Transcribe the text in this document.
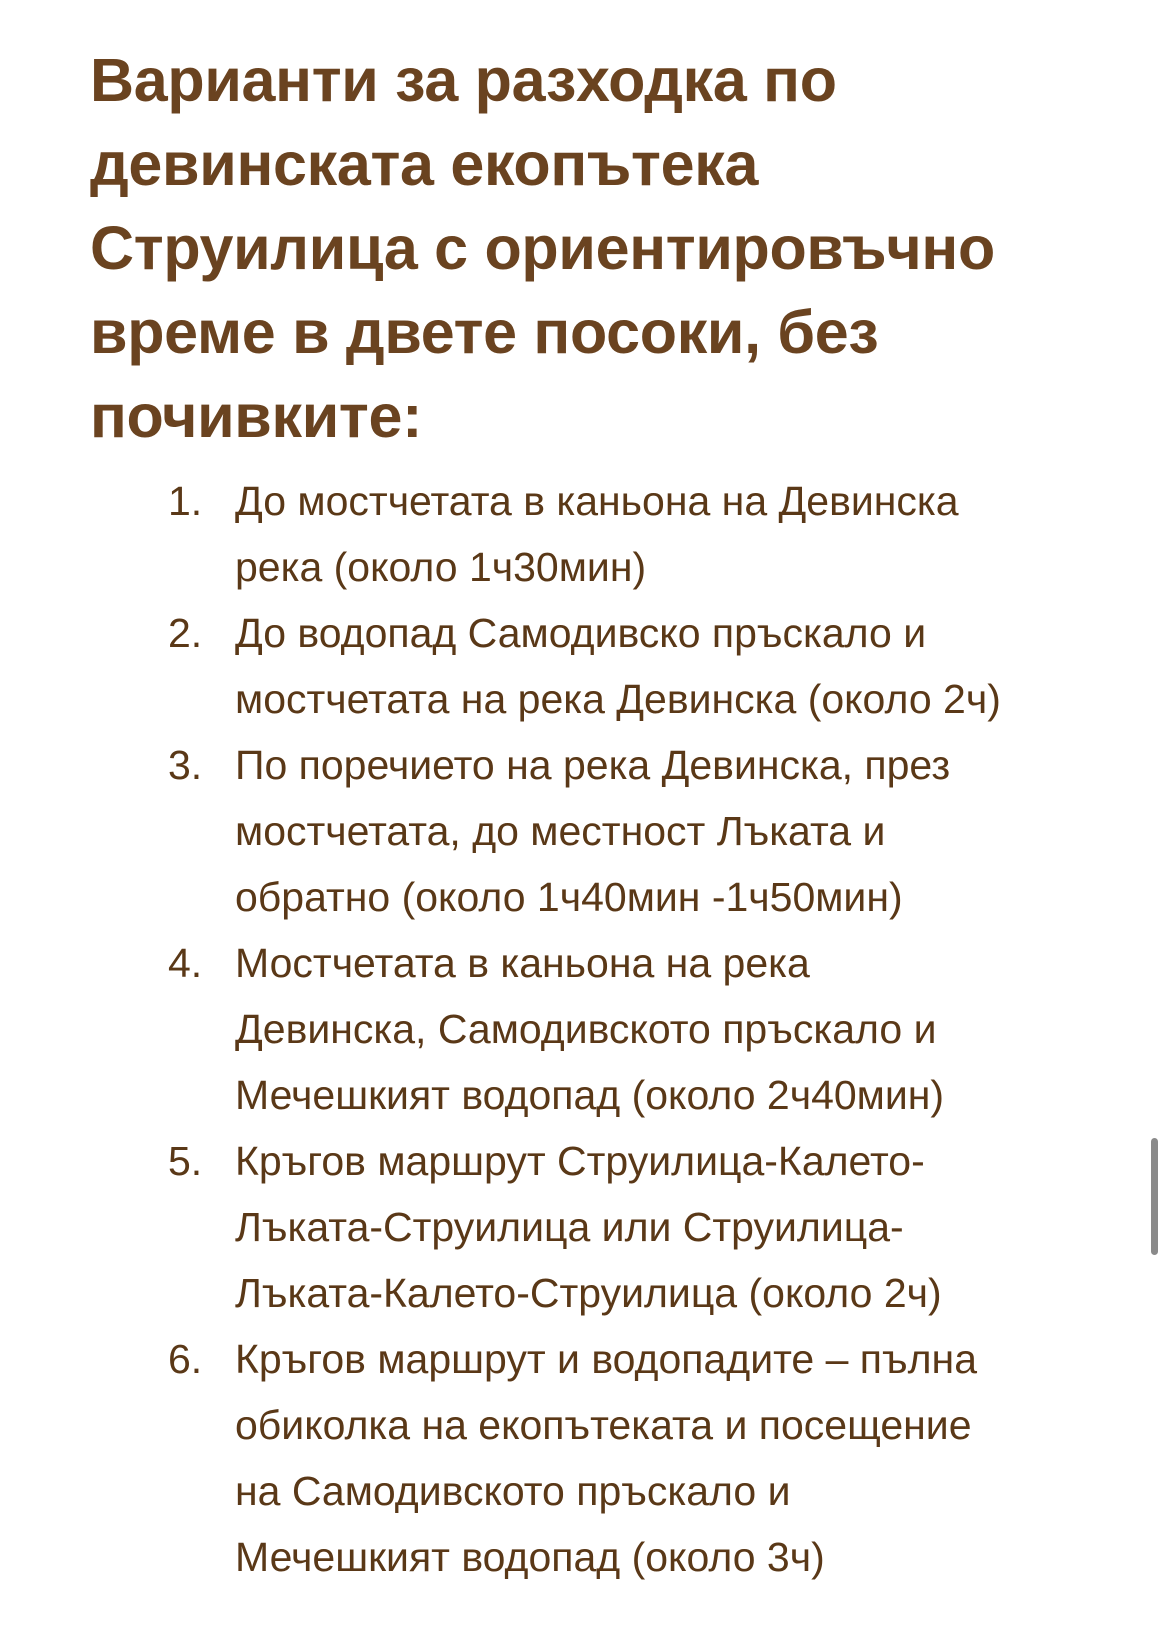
Варианти за разходка по
девинската екопътека
Струилица с ориентировъчно
време в двете посоки, без
почивките:
1. До мостчетата в каньона на Девинска
река (около 1ч30мин)
2. До водопад Самодивско пръскало и
мостчетата на река Девинска (около 2ч)
3. По поречието на река Девинска, през
мостчетата, до местност Лъката и
обратно (около 1ч40мин -1ч50мин)
4. Мостчетата в каньона на река
Девинска, Самодивското пръскало и
Мечешкият водопад (около 2ч40мин)
5. Кръгов маршрут Струилица-Калето-
Лъката-Струилица или Струилица-
Лъката-Калето-Струилица (около 2ч)
6. Кръгов маршрут и водопадите – пълна
обиколка на екопътеката и посещение
на Самодивското пръскало и
Мечешкият водопад (около 3ч)
